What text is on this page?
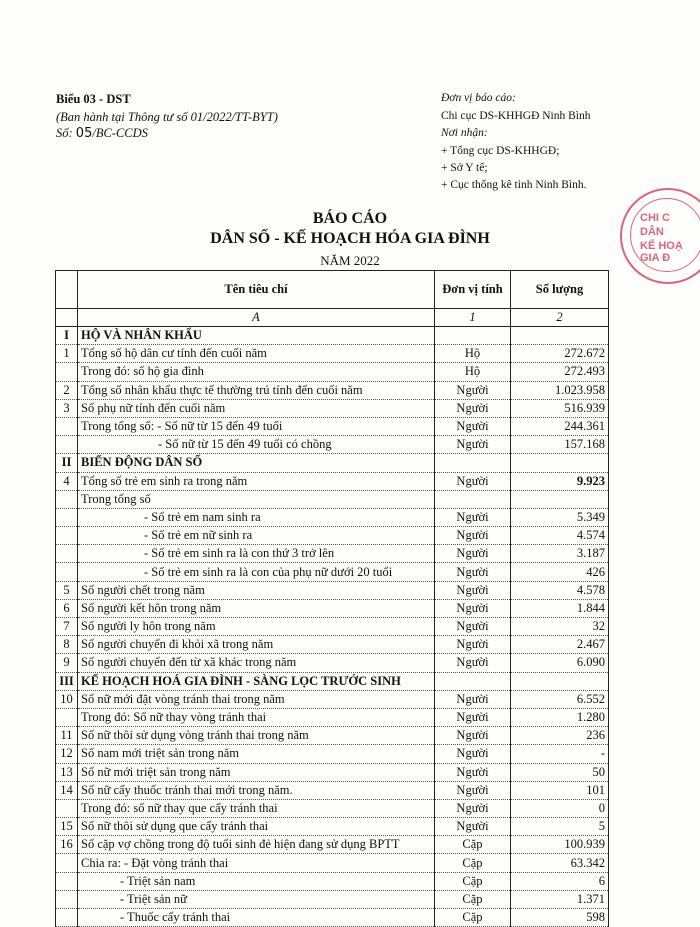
Biểu 03 - DST
(Ban hành tại Thông tư số 01/2022/TT-BYT)
Số: 05/BC-CCDS
Đơn vị báo cáo:
Chi cục DS-KHHGĐ Ninh Bình
Nơi nhận:
+ Tổng cục DS-KHHGĐ;
+ Sở Y tế;
+ Cục thống kê tỉnh Ninh Bình.
CHI C
DÂN
KẾ HOẠ
GIA Đ
BÁO CÁO
DÂN SỐ - KẾ HOẠCH HÓA GIA ĐÌNH
NĂM 2022
	Tên tiêu chí	Đơn vị tính	Số lượng
	A	1	2
I	HỘ VÀ NHÂN KHẨU		
1	Tổng số hộ dân cư tính đến cuối năm	Hộ	272.672
	Trong đó: số hộ gia đình	Hộ	272.493
2	Tổng số nhân khẩu thực tế thường trú tính đến cuối năm	Người	1.023.958
3	Số phụ nữ tính đến cuối năm	Người	516.939
	Trong tổng số: - Số nữ từ 15 đến 49 tuổi	Người	244.361
	- Số nữ từ 15 đến 49 tuổi có chồng	Người	157.168
II	BIẾN ĐỘNG DÂN SỐ		
4	Tổng số trẻ em sinh ra trong năm	Người	9.923
	Trong tổng số		
	- Số trẻ em nam sinh ra	Người	5.349
	- Số trẻ em nữ sinh ra	Người	4.574
	- Số trẻ em sinh ra là con thứ 3 trở lên	Người	3.187
	- Số trẻ em sinh ra là con của phụ nữ dưới 20 tuổi	Người	426
5	Số người chết trong năm	Người	4.578
6	Số người kết hôn trong năm	Người	1.844
7	Số người ly hôn trong năm	Người	32
8	Số người chuyển đi khỏi xã trong năm	Người	2.467
9	Số người chuyển đến từ xã khác trong năm	Người	6.090
III	KẾ HOẠCH HOÁ GIA ĐÌNH - SÀNG LỌC TRƯỚC SINH		
10	Số nữ mới đặt vòng tránh thai trong năm	Người	6.552
	Trong đó: Số nữ thay vòng tránh thai	Người	1.280
11	Số nữ thôi sử dụng vòng tránh thai trong năm	Người	236
12	Số nam mới triệt sản trong năm	Người	-
13	Số nữ mới triệt sản trong năm	Người	50
14	Số nữ cấy thuốc tránh thai mới trong năm.	Người	101
	Trong đó: số nữ thay que cấy tránh thai	Người	0
15	Số nữ thôi sử dụng que cấy tránh thai	Người	5
16	Số cặp vợ chồng trong độ tuổi sinh đẻ hiện đang sử dụng BPTT	Cặp	100.939
	Chia ra: - Đặt vòng tránh thai	Cặp	63.342
	- Triệt sản nam	Cặp	6
	- Triệt sản nữ	Cặp	1.371
	- Thuốc cấy tránh thai	Cặp	598
